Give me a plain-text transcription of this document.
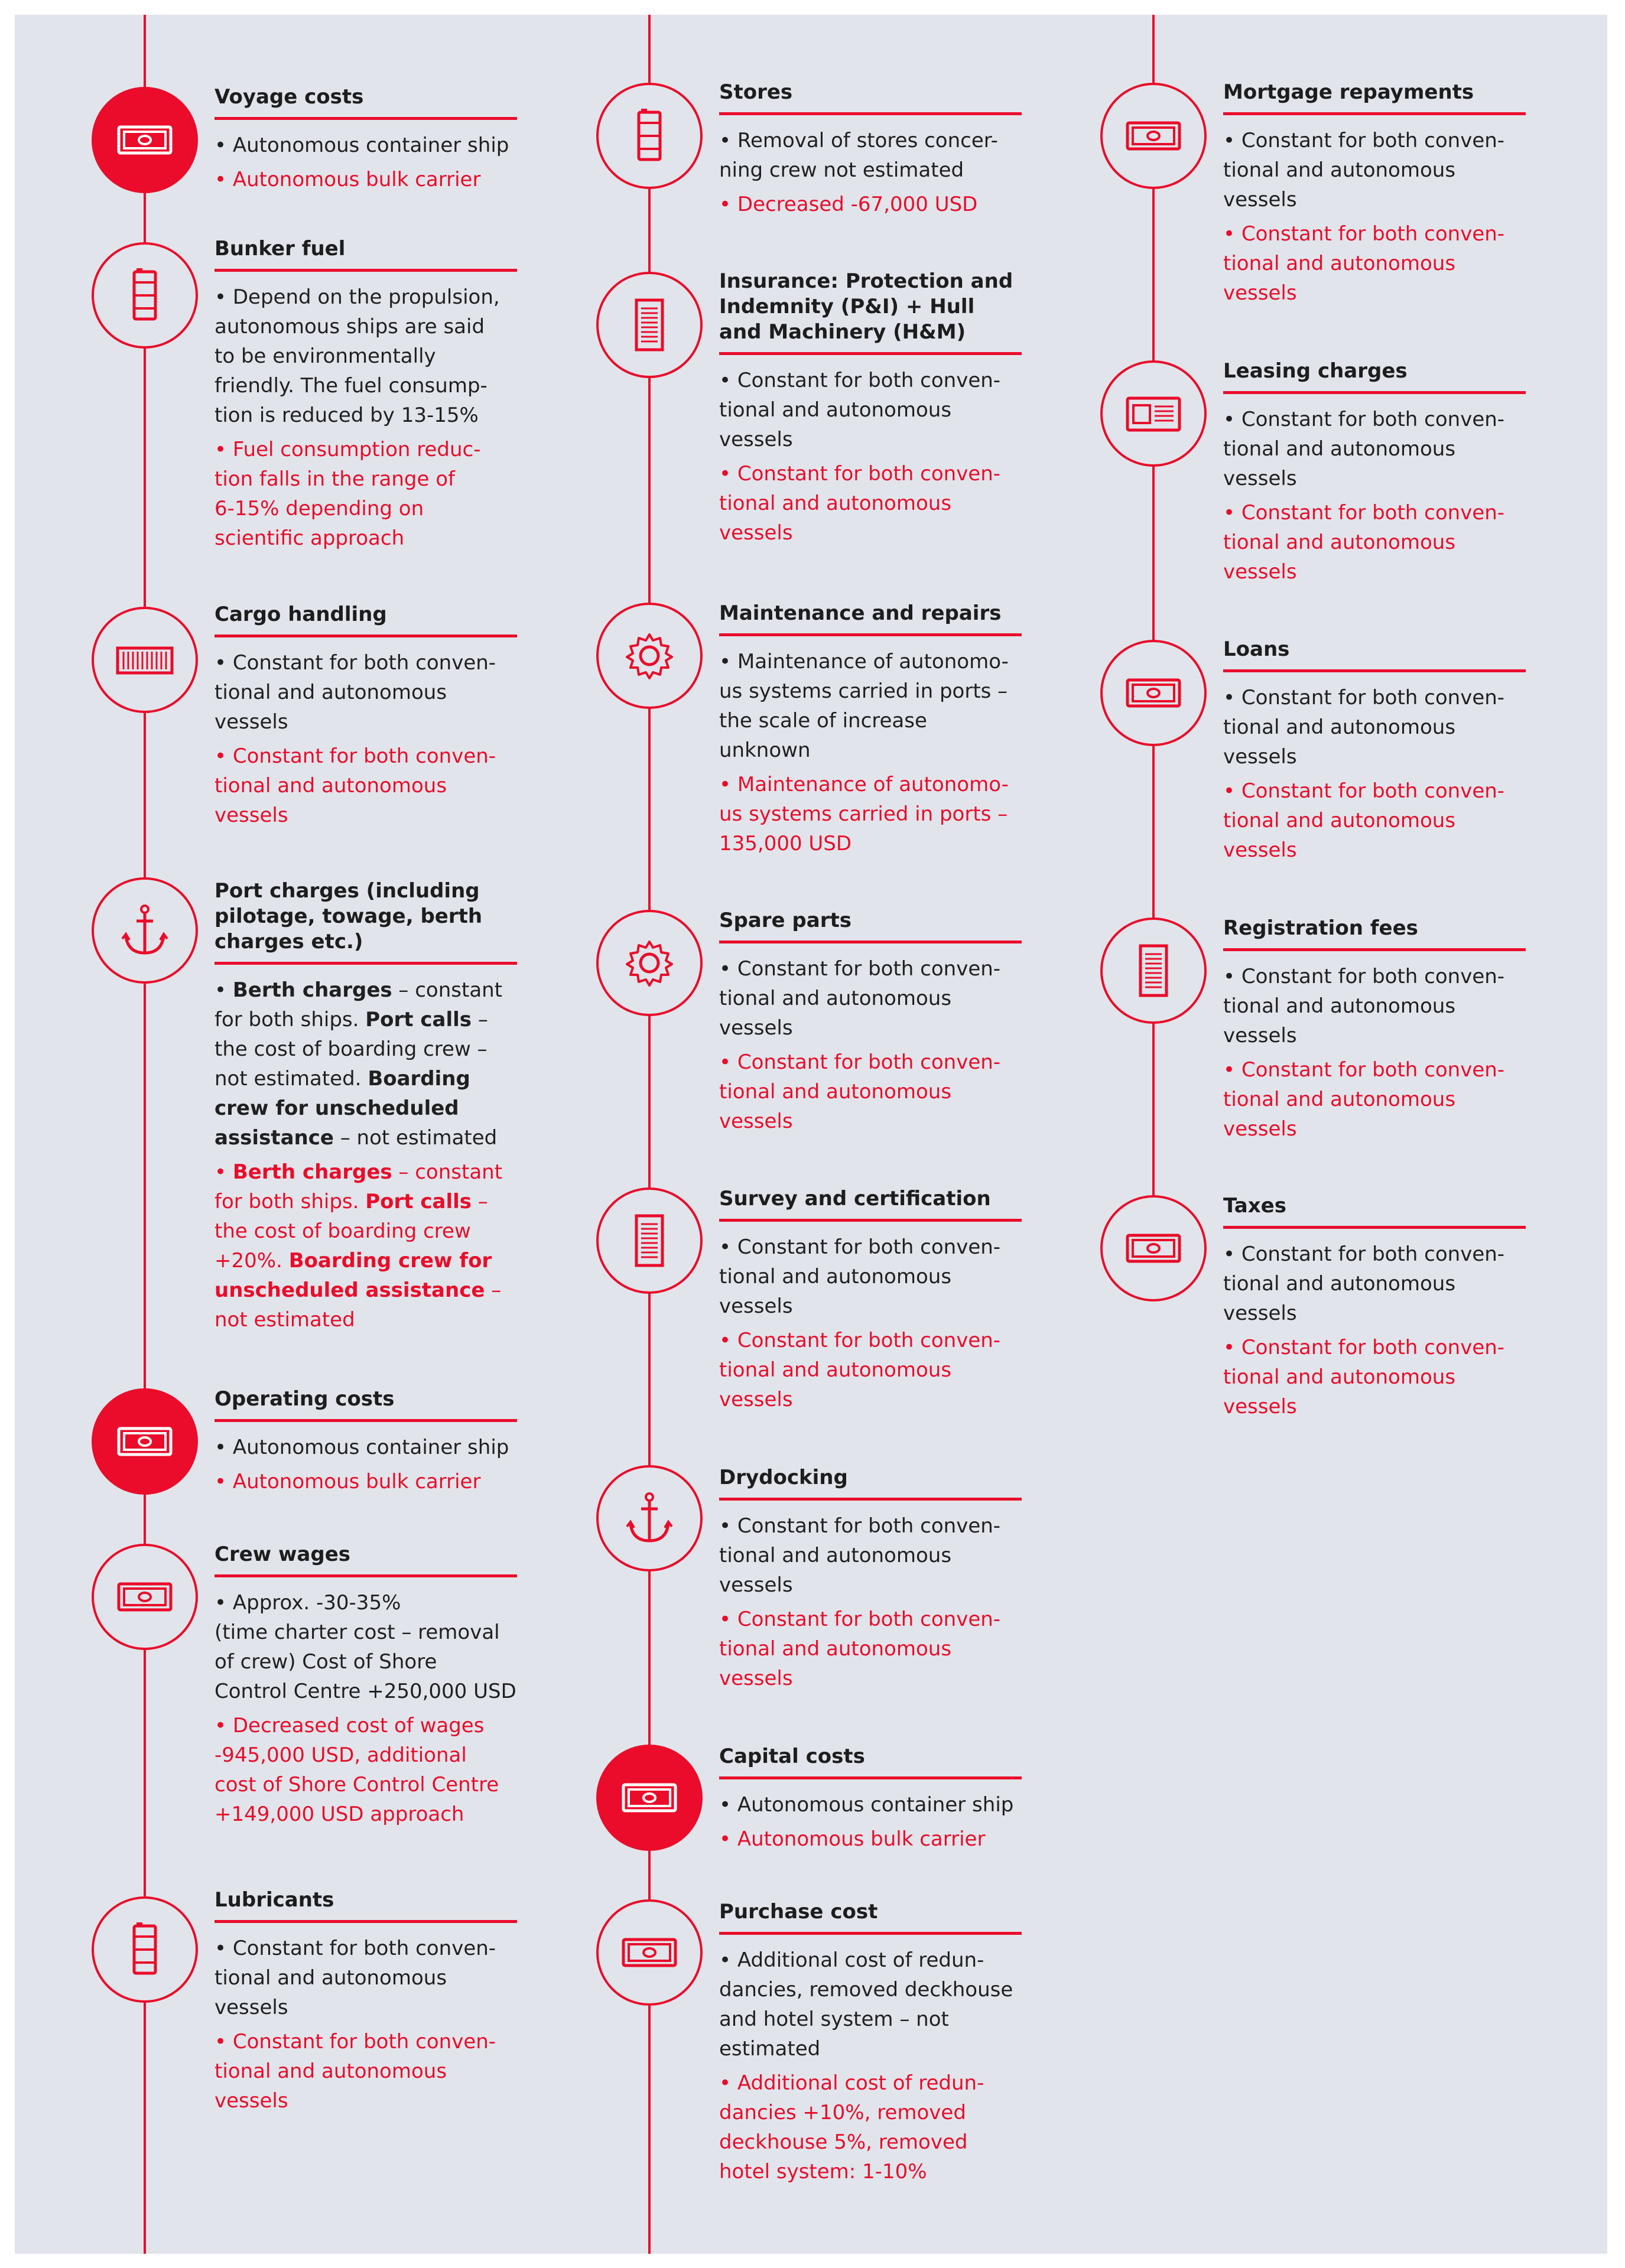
Voyage costs

• Autonomous container ship

• Autonomous bulk carrier

Bunker fuel

• Depend on the propulsion,
autonomous ships are said
to be environmentally
friendly. The fuel consump-
tion is reduced by 13-15%

• Fuel consumption reduc-
tion falls in the range of
6-15% depending on
scientific approach

Cargo handling

• Constant for both conven-
tional and autonomous
vessels

• Constant for both conven-
tional and autonomous
vessels

Port charges (including pilotage, towage, berth charges etc.)

• Berth charges – constant
for both ships. Port calls –
the cost of boarding crew –
not estimated. Boarding
crew for unscheduled
assistance – not estimated

• Berth charges – constant
for both ships. Port calls –
the cost of boarding crew
+20%. Boarding crew for
unscheduled assistance –
not estimated

Operating costs

• Autonomous container ship

• Autonomous bulk carrier

Crew wages

• Approx. -30-35%
(time charter cost – removal
of crew) Cost of Shore
Control Centre +250,000 USD

• Decreased cost of wages
-945,000 USD, additional
cost of Shore Control Centre
+149,000 USD approach

Lubricants

• Constant for both conven-
tional and autonomous
vessels

• Constant for both conven-
tional and autonomous
vessels

Stores

• Removal of stores concer-
ning crew not estimated

• Decreased -67,000 USD

Insurance: Protection and Indemnity (P&I) + Hull and Machinery (H&M)

• Constant for both conven-
tional and autonomous
vessels

• Constant for both conven-
tional and autonomous
vessels

Maintenance and repairs

• Maintenance of autonomo-
us systems carried in ports –
the scale of increase
unknown

• Maintenance of autonomo-
us systems carried in ports –
135,000 USD

Spare parts

• Constant for both conven-
tional and autonomous
vessels

• Constant for both conven-
tional and autonomous
vessels

Survey and certification

• Constant for both conven-
tional and autonomous
vessels

• Constant for both conven-
tional and autonomous
vessels

Drydocking

• Constant for both conven-
tional and autonomous
vessels

• Constant for both conven-
tional and autonomous
vessels

Capital costs

• Autonomous container ship

• Autonomous bulk carrier

Purchase cost

• Additional cost of redun-
dancies, removed deckhouse
and hotel system – not
estimated

• Additional cost of redun-
dancies +10%, removed
deckhouse 5%, removed
hotel system: 1-10%

Mortgage repayments

• Constant for both conven-
tional and autonomous
vessels

• Constant for both conven-
tional and autonomous
vessels

Leasing charges

• Constant for both conven-
tional and autonomous
vessels

• Constant for both conven-
tional and autonomous
vessels

Loans

• Constant for both conven-
tional and autonomous
vessels

• Constant for both conven-
tional and autonomous
vessels

Registration fees

• Constant for both conven-
tional and autonomous
vessels

• Constant for both conven-
tional and autonomous
vessels

Taxes

• Constant for both conven-
tional and autonomous
vessels

• Constant for both conven-
tional and autonomous
vessels
